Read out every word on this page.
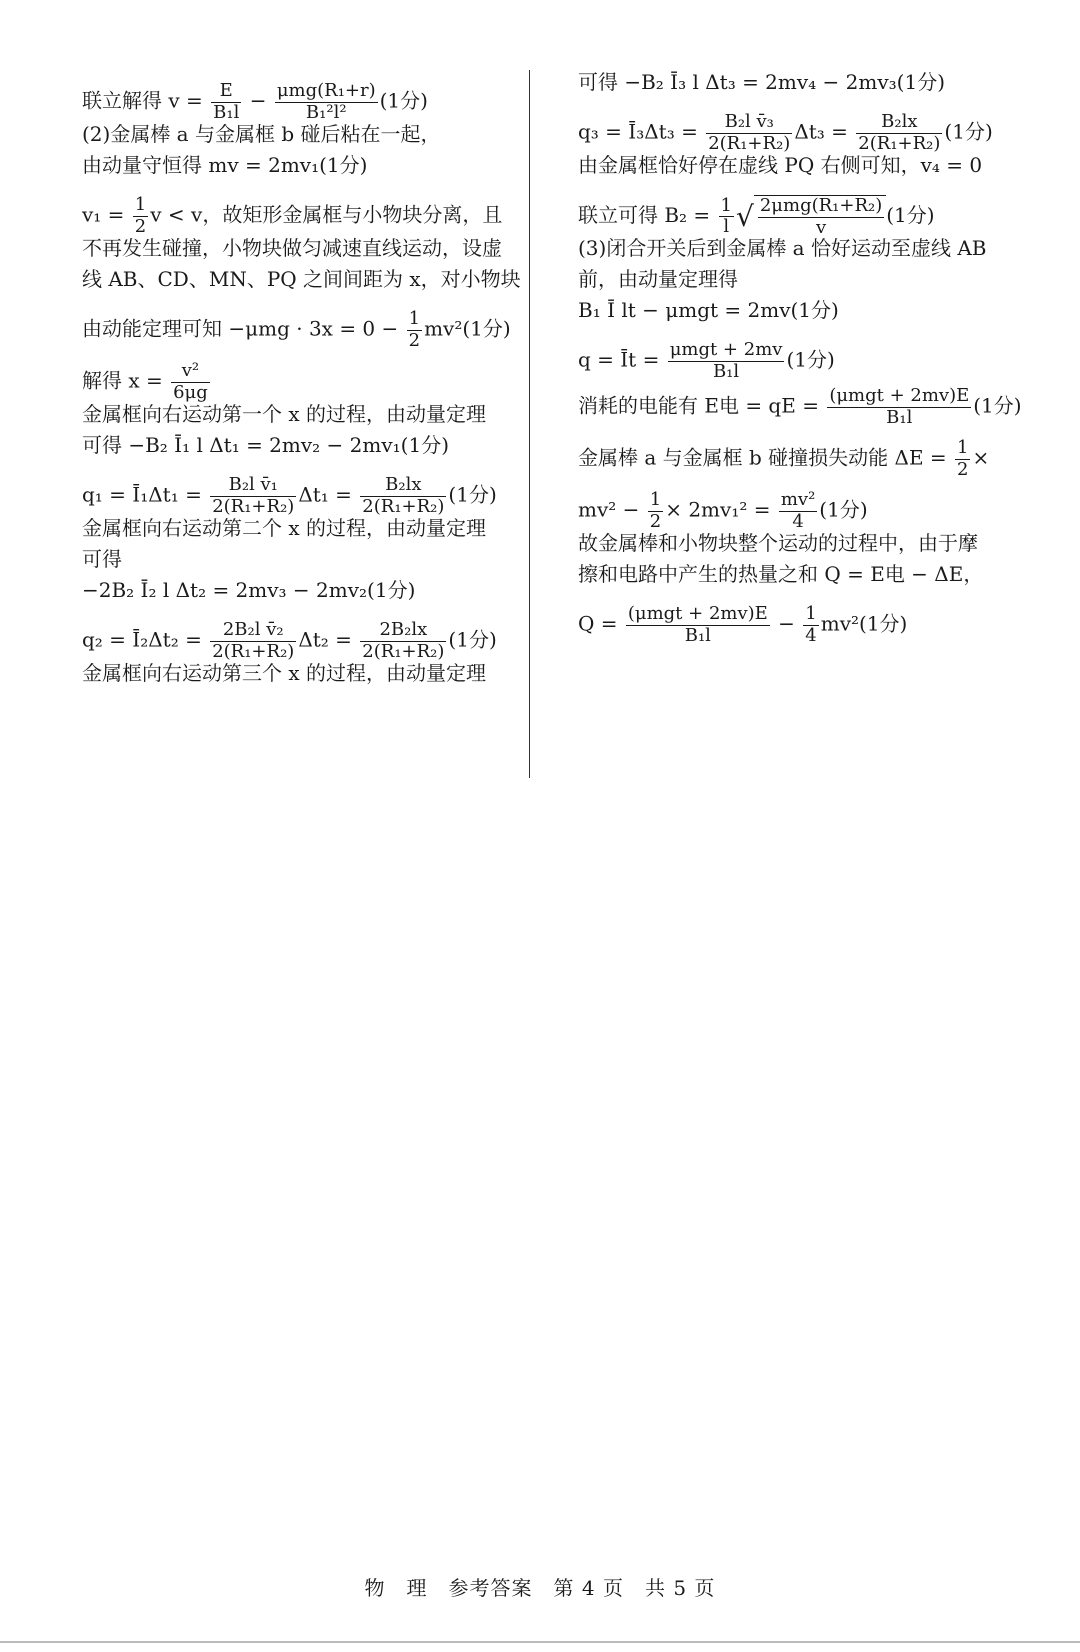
联立解得 $v = \frac{E}{\text{B₁l}} - \frac{\text{μmg(R₁+r)}}{\text{B₁²l²}} (1$分)
(2)金属棒 a 与金属框 b 碰后粘在一起，
由动量守恒得 mv = 2mv₁(1分)
$v_1 = \frac{1}{2}$ v < v，故矩形金属框与小物块分离，且
不再发生碰撞，小物块做匀减速直线运动，设虚
线 AB、CD、MN、PQ 之间间距为 x，对小物块
由动能定理可知 $-\mu mg \cdot 3x = 0 - \frac{1}{2} mv^2(1$分)
解得 $x = \frac{\text{v²}}{6\mu g}$
金属框向右运动第一个 x 的过程，由动量定理
可得 −B₂ Ī₁ l Δt₁ = 2mv₂ − 2mv₁(1分)
q₁ = Ī₁Δt₁ = $\frac{\text{B₂l v̄₁}}{\text{2(R₁+R₂)}} \Delta t_1 = \frac{\text{B₂lx}}{\text{2(R₁+R₂)}} (1$分)
金属框向右运动第二个 x 的过程，由动量定理
可得
−2B₂ Ī₂ l Δt₂ = 2mv₃ − 2mv₂(1分)
q₂ = Ī₂Δt₂ = $\frac{\text{2B₂l v̄₂}}{\text{2(R₁+R₂)}} \Delta t_2 = \frac{\text{2B₂lx}}{\text{2(R₁+R₂)}} (1$分)
金属框向右运动第三个 x 的过程，由动量定理
可得 −B₂ Ī₃ l Δt₃ = 2mv₄ − 2mv₃(1分)
q₃ = Ī₃Δt₃ = $\frac{\text{B₂l v̄₃}}{\text{2(R₁+R₂)}} \Delta t_3 = \frac{\text{B₂lx}}{\text{2(R₁+R₂)}} (1$分)
由金属框恰好停在虚线 PQ 右侧可知，v₄ = 0
联立可得 $B_2 = \frac{1}{l}$ √ $\frac{\text{2μmg(R₁+R₂)}}{v} (1$分)
(3)闭合开关后到金属棒 a 恰好运动至虚线 AB
前，由动量定理得
B₁ Ī lt − μmgt = 2mv(1分)
q = Īt = $\frac{\text{μmgt + 2mv}}{\text{B₁l}} (1$分)
消耗的电能有 E电 = qE = $\frac{\text{(μmgt + 2mv)E}}{\text{B₁l}} (1$分)
金属棒 a 与金属框 b 碰撞损失动能 $\Delta E = \frac{1}{2}$ ×
$mv^2 - \frac{1}{2} \times 2mv_1^2 = \frac{\text{mv²}}{4} (1$分)
故金属棒和小物块整个运动的过程中，由于摩
擦和电路中产生的热量之和 Q = E电 − ΔE，
$Q = \frac{\text{(μmgt + 2mv)E}}{\text{B₁l}} - \frac{1}{4} mv^2(1$分)
物　理　参考答案　第 4 页　共 5 页
